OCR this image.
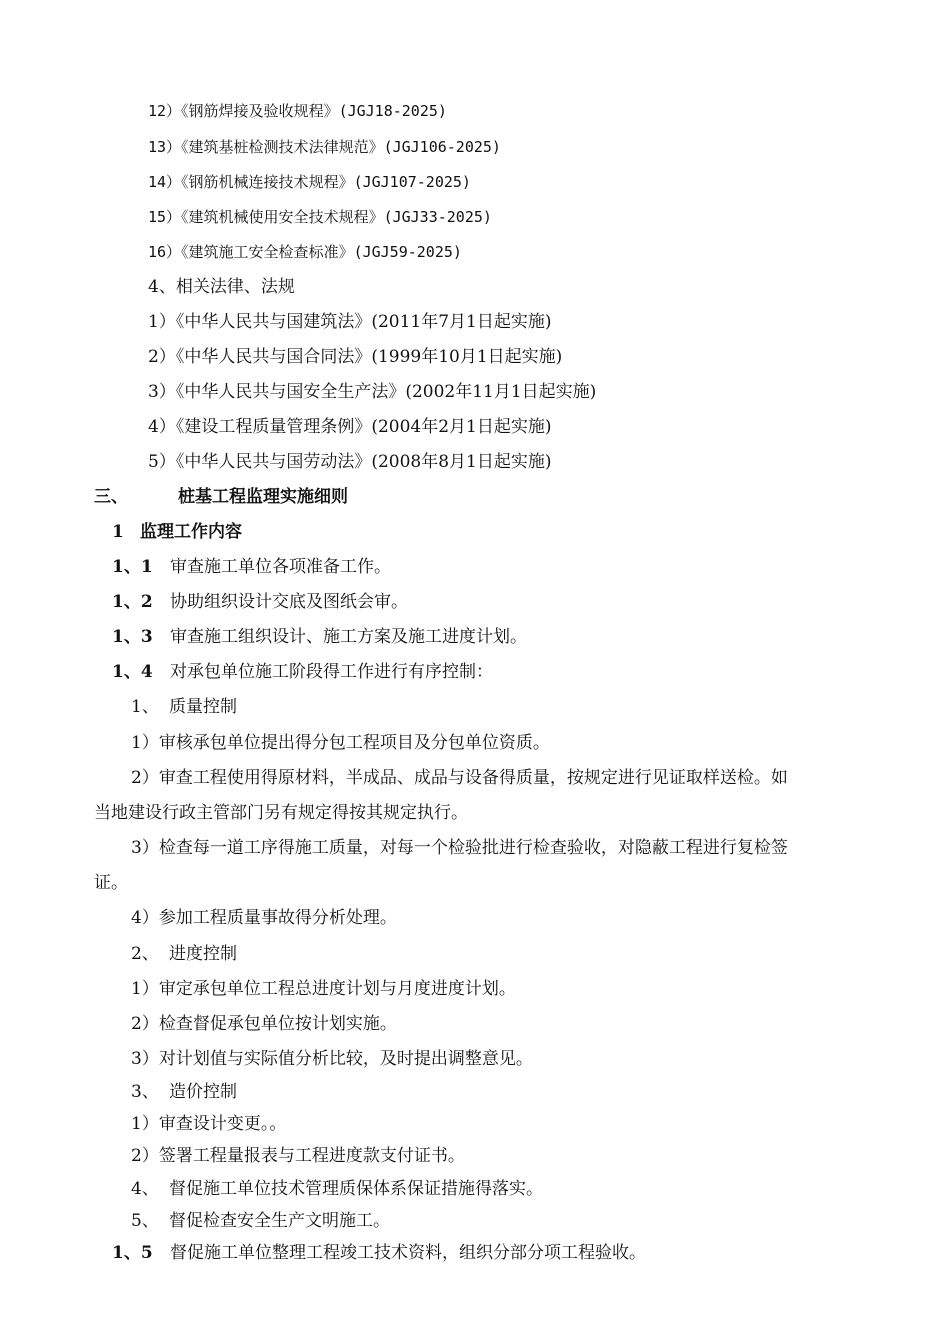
12）《钢筋焊接及验收规程》(JGJ18-2025)
13）《建筑基桩检测技术法律规范》(JGJ106-2025)
14）《钢筋机械连接技术规程》(JGJ107-2025)
15）《建筑机械使用安全技术规程》(JGJ33-2025)
16）《建筑施工安全检查标准》(JGJ59-2025)
4、相关法律、法规
1）《中华人民共与国建筑法》(2011年7月1日起实施)
2）《中华人民共与国合同法》(1999年10月1日起实施)
3）《中华人民共与国安全生产法》(2002年11月1日起实施)
4）《建设工程质量管理条例》(2004年2月1日起实施)
5）《中华人民共与国劳动法》(2008年8月1日起实施)
三、	桩基工程监理实施细则
1 监理工作内容
1、1 审查施工单位各项准备工作。
1、2 协助组织设计交底及图纸会审。
1、3 审查施工组织设计、施工方案及施工进度计划。
1、4 对承包单位施工阶段得工作进行有序控制：
1、 质量控制
1）审核承包单位提出得分包工程项目及分包单位资质。
2）审查工程使用得原材料，半成品、成品与设备得质量，按规定进行见证取样送检。如
当地建设行政主管部门另有规定得按其规定执行。
3）检查每一道工序得施工质量，对每一个检验批进行检查验收，对隐蔽工程进行复检签
证。
4）参加工程质量事故得分析处理。
2、 进度控制
1）审定承包单位工程总进度计划与月度进度计划。
2）检查督促承包单位按计划实施。
3）对计划值与实际值分析比较，及时提出调整意见。
3、 造价控制
1）审查设计变更。。
2）签署工程量报表与工程进度款支付证书。
4、 督促施工单位技术管理质保体系保证措施得落实。
5、 督促检查安全生产文明施工。
1、5 督促施工单位整理工程竣工技术资料，组织分部分项工程验收。
